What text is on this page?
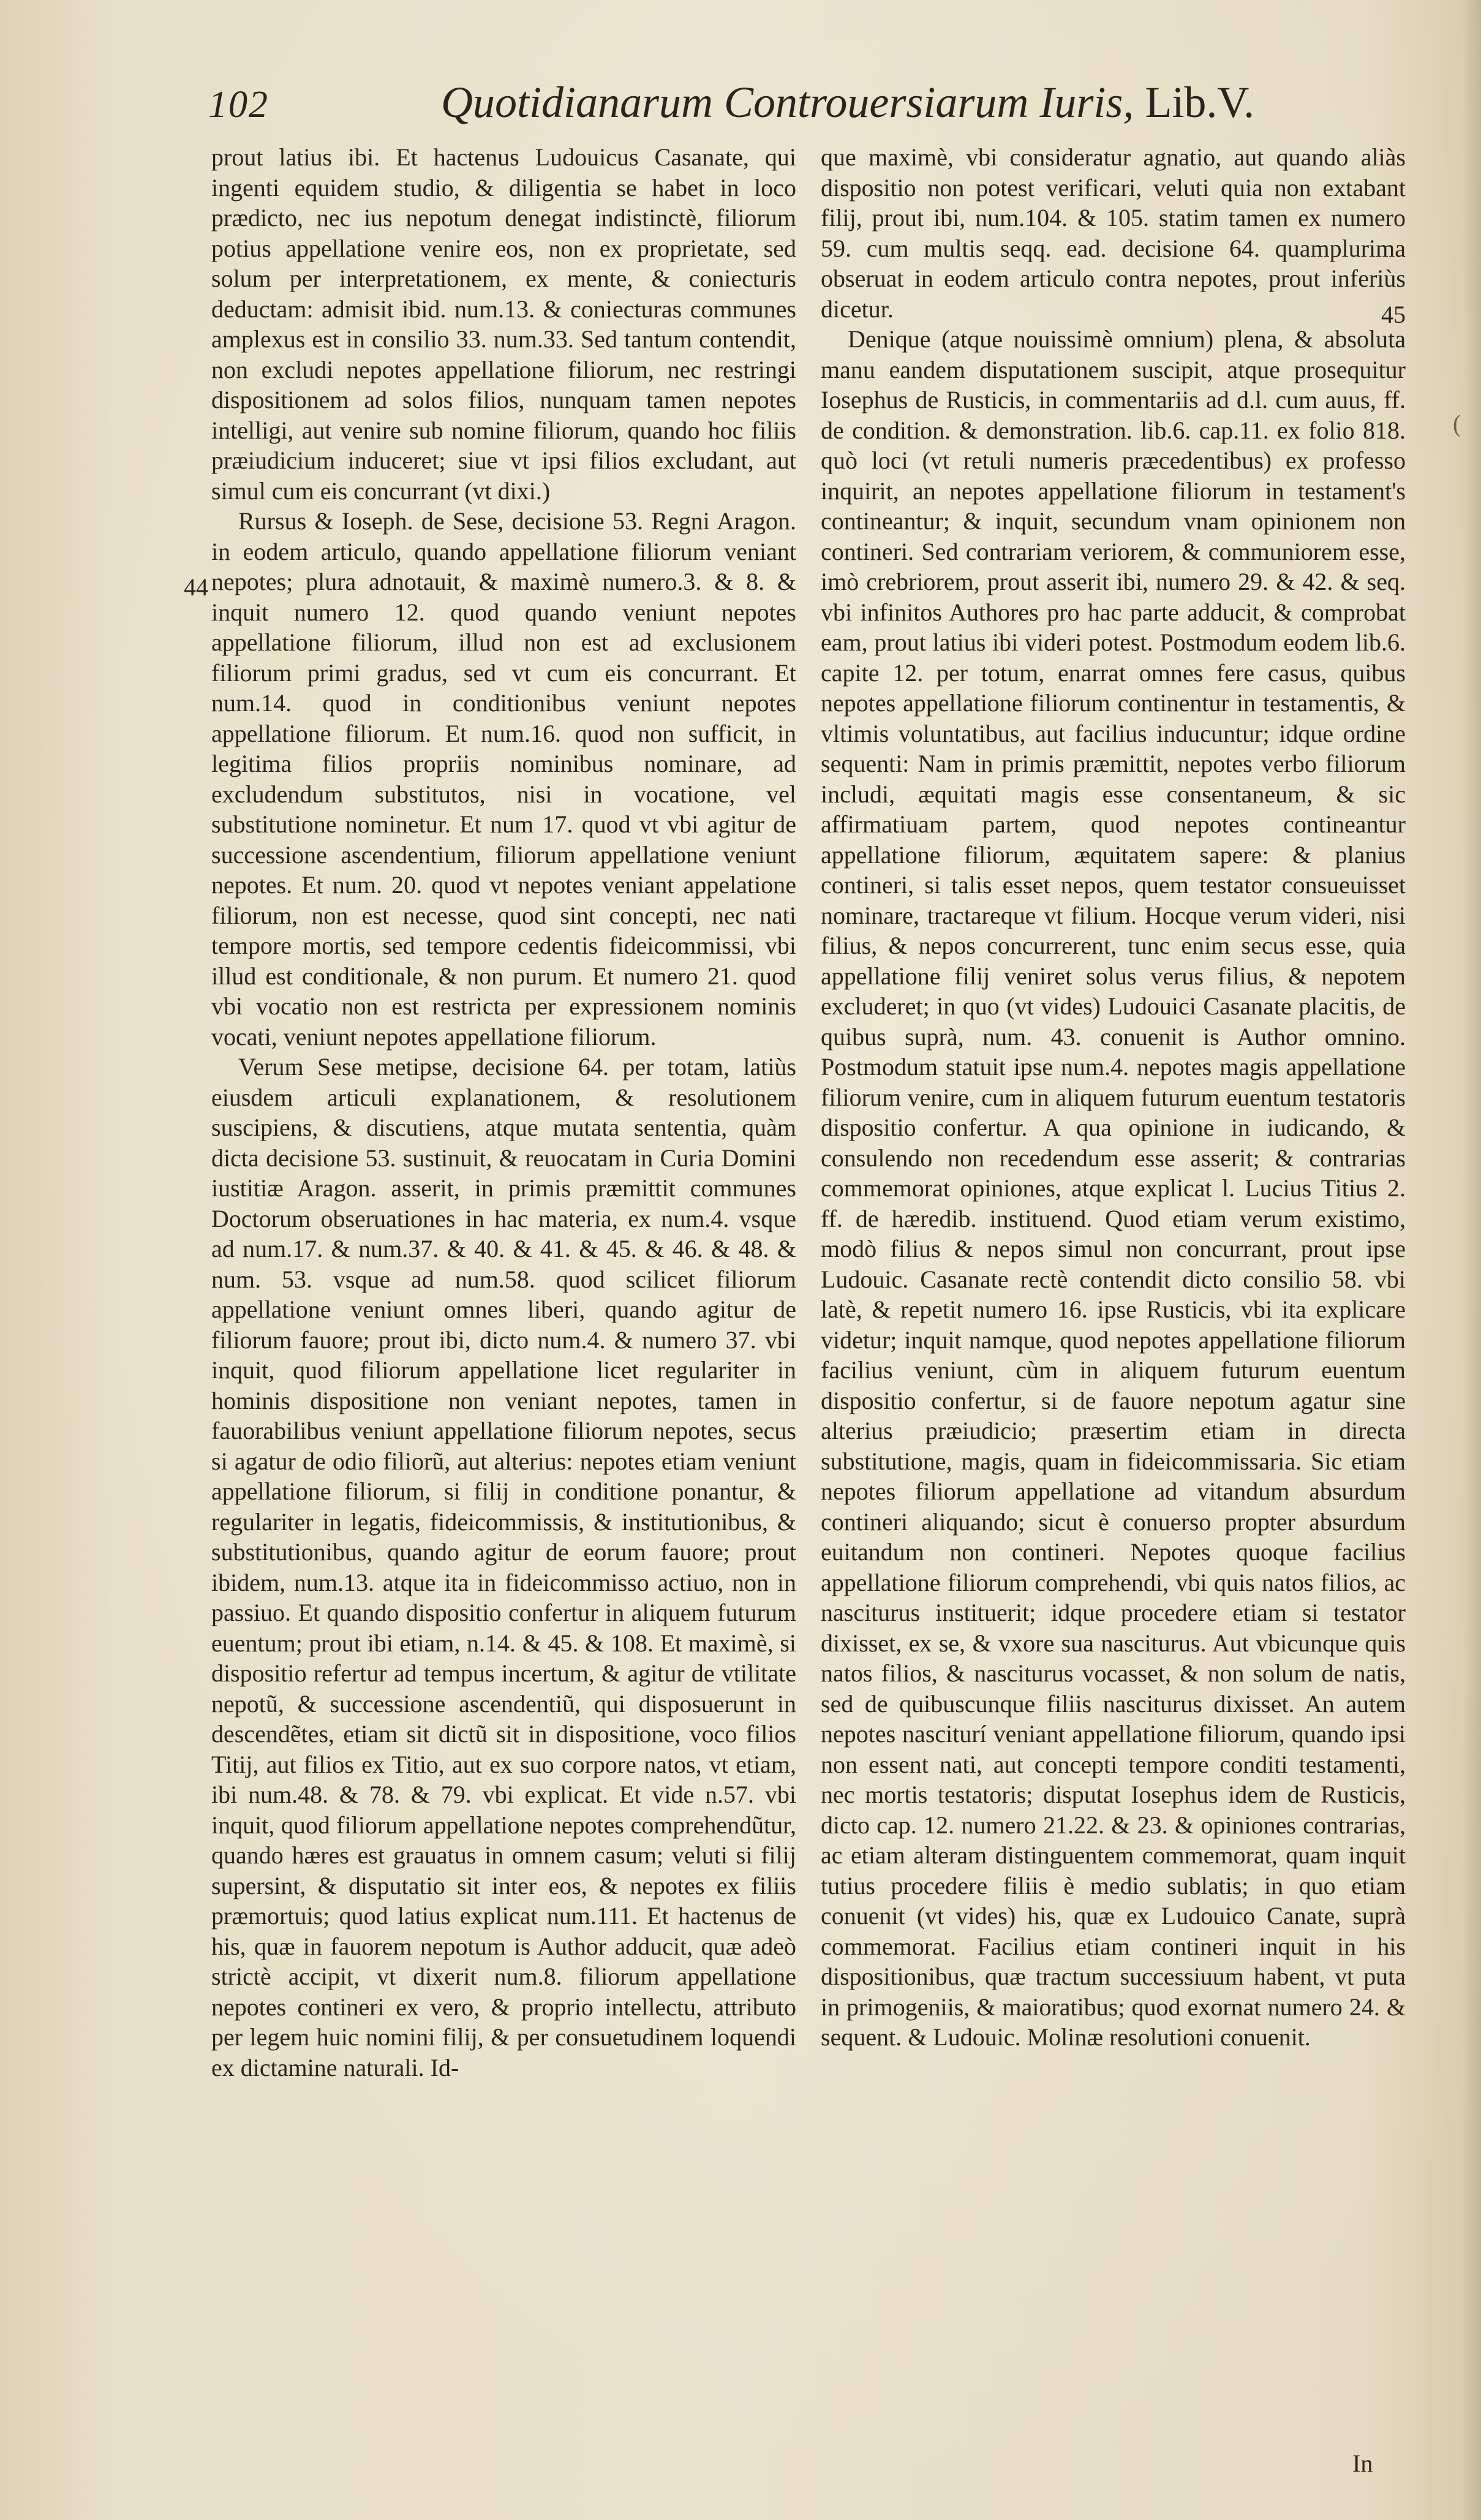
102	Quotidianarum Controuersiarum Iuris, Lib.V.

prout latius ibi. Et hactenus Ludouicus Casanate, qui ingenti equidem studio, & diligentia se habet in loco prædicto, nec ius nepotum denegat indistinctè, filiorum potius appellatione venire eos, non ex proprietate, sed solum per interpretationem, ex mente, & coniecturis deductam: admisit ibid. num.13. & coniecturas communes amplexus est in consilio 33. num.33. Sed tantum contendit, non excludi nepotes appellatione filiorum, nec restringi dispositionem ad solos filios, nunquam tamen nepotes intelligi, aut venire sub nomine filiorum, quando hoc filiis præiudicium induceret; siue vt ipsi filios excludant, aut simul cum eis concurrant (vt dixi.)

Rursus & Ioseph. de Sese, decisione 53. Regni Aragon. in eodem articulo, quando appellatione filiorum veniant nepotes; plura adnotauit, & maximè numero.3. & 8. & inquit numero 12. quod quando veniunt nepotes appellatione filiorum, illud non est ad exclusionem filiorum primi gradus, sed vt cum eis concurrant. Et num.14. quod in conditionibus veniunt nepotes appellatione filiorum. Et num.16. quod non sufficit, in legitima filios propriis nominibus nominare, ad excludendum substitutos, nisi in vocatione, vel substitutione nominetur. Et num 17. quod vt vbi agitur de successione ascendentium, filiorum appellatione veniunt nepotes. Et num. 20. quod vt nepotes veniant appelatione filiorum, non est necesse, quod sint concepti, nec nati tempore mortis, sed tempore cedentis fideicommissi, vbi illud est conditionale, & non purum. Et numero 21. quod vbi vocatio non est restricta per expressionem nominis vocati, veniunt nepotes appellatione filiorum.

Verum Sese metipse, decisione 64. per totam, latiùs eiusdem articuli explanationem, & resolutionem suscipiens, & discutiens, atque mutata sententia, quàm dicta decisione 53. sustinuit, & reuocatam in Curia Domini iustitiæ Aragon. asserit, in primis præmittit communes Doctorum obseruationes in hac materia, ex num.4. vsque ad num.17. & num.37. & 40. & 41. & 45. & 46. & 48. & num. 53. vsque ad num.58. quod scilicet filiorum appellatione veniunt omnes liberi, quando agitur de filiorum fauore; prout ibi, dicto num.4. & numero 37. vbi inquit, quod filiorum appellatione licet regulariter in hominis dispositione non veniant nepotes, tamen in fauorabilibus veniunt appellatione filiorum nepotes, secus si agatur de odio filiorũ, aut alterius: nepotes etiam veniunt appellatione filiorum, si filij in conditione ponantur, & regulariter in legatis, fideicommissis, & institutionibus, & substitutionibus, quando agitur de eorum fauore; prout ibidem, num.13. atque ita in fideicommisso actiuo, non in passiuo. Et quando dispositio confertur in aliquem futurum euentum; prout ibi etiam, n.14. & 45. & 108. Et maximè, si dispositio refertur ad tempus incertum, & agitur de vtilitate nepotũ, & successione ascendentiũ, qui disposuerunt in descendẽtes, etiam sit dictũ sit in dispositione, voco filios Titij, aut filios ex Titio, aut ex suo corpore natos, vt etiam, ibi num.48. & 78. & 79. vbi explicat. Et vide n.57. vbi inquit, quod filiorum appellatione nepotes comprehendũtur, quando hæres est grauatus in omnem casum; veluti si filij supersint, & disputatio sit inter eos, & nepotes ex filiis præmortuis; quod latius explicat num.111. Et hactenus de his, quæ in fauorem nepotum is Author adducit, quæ adeò strictè accipit, vt dixerit num.8. filiorum appellatione nepotes contineri ex vero, & proprio intellectu, attributo per legem huic nomini filij, & per consuetudinem loquendi ex dictamine naturali. Id-

que maximè, vbi consideratur agnatio, aut quando aliàs dispositio non potest verificari, veluti quia non extabant filij, prout ibi, num.104. & 105. statim tamen ex numero 59. cum multis seqq. ead. decisione 64. quamplurima obseruat in eodem articulo contra nepotes, prout inferiùs dicetur.

Denique (atque nouissimè omnium) plena, & absoluta manu eandem disputationem suscipit, atque prosequitur Iosephus de Rusticis, in commentariis ad d.l. cum auus, ff. de condition. & demonstration. lib.6. cap.11. ex folio 818. quò loci (vt retuli numeris præcedentibus) ex professo inquirit, an nepotes appellatione filiorum in testament's contineantur; & inquit, secundum vnam opinionem non contineri. Sed contrariam veriorem, & communiorem esse, imò crebriorem, prout asserit ibi, numero 29. & 42. & seq. vbi infinitos Authores pro hac parte adducit, & comprobat eam, prout latius ibi videri potest. Postmodum eodem lib.6. capite 12. per totum, enarrat omnes fere casus, quibus nepotes appellatione filiorum continentur in testamentis, & vltimis voluntatibus, aut facilius inducuntur; idque ordine sequenti: Nam in primis præmittit, nepotes verbo filiorum includi, æquitati magis esse consentaneum, & sic affirmatiuam partem, quod nepotes contineantur appellatione filiorum, æquitatem sapere: & planius contineri, si talis esset nepos, quem testator consueuisset nominare, tractareque vt filium. Hocque verum videri, nisi filius, & nepos concurrerent, tunc enim secus esse, quia appellatione filij veniret solus verus filius, & nepotem excluderet; in quo (vt vides) Ludouici Casanate placitis, de quibus suprà, num. 43. conuenit is Author omnino. Postmodum statuit ipse num.4. nepotes magis appellatione filiorum venire, cum in aliquem futurum euentum testatoris dispositio confertur. A qua opinione in iudicando, & consulendo non recedendum esse asserit; & contrarias commemorat opiniones, atque explicat l. Lucius Titius 2. ff. de hæredib. instituend. Quod etiam verum existimo, modò filius & nepos simul non concurrant, prout ipse Ludouic. Casanate rectè contendit dicto consilio 58. vbi latè, & repetit numero 16. ipse Rusticis, vbi ita explicare videtur; inquit namque, quod nepotes appellatione filiorum facilius veniunt, cùm in aliquem futurum euentum dispositio confertur, si de fauore nepotum agatur sine alterius præiudicio; præsertim etiam in directa substitutione, magis, quam in fideicommissaria. Sic etiam nepotes filiorum appellatione ad vitandum absurdum contineri aliquando; sicut è conuerso propter absurdum euitandum non contineri. Nepotes quoque facilius appellatione filiorum comprehendi, vbi quis natos filios, ac nasciturus instituerit; idque procedere etiam si testator dixisset, ex se, & vxore sua nasciturus. Aut vbicunque quis natos filios, & nasciturus vocasset, & non solum de natis, sed de quibuscunque filiis nasciturus dixisset. An autem nepotes nasciturí veniant appellatione filiorum, quando ipsi non essent nati, aut concepti tempore conditi testamenti, nec mortis testatoris; disputat Iosephus idem de Rusticis, dicto cap. 12. numero 21.22. & 23. & opiniones contrarias, ac etiam alteram distinguentem commemorat, quam inquit tutius procedere filiis è medio sublatis; in quo etiam conuenit (vt vides) his, quæ ex Ludouico Canate, suprà commemorat. Facilius etiam contineri inquit in his dispositionibus, quæ tractum successiuum habent, vt puta in primogeniis, & maioratibus; quod exornat numero 24. & sequent. & Ludouic. Molinæ resolutioni conuenit.

44
45
(
In
